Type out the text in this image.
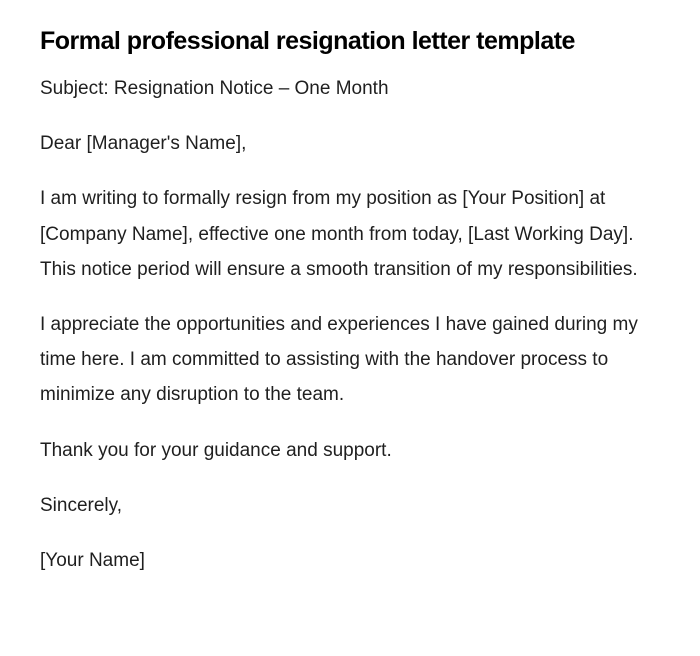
Formal professional resignation letter template

Subject: Resignation Notice – One Month

Dear [Manager's Name],

I am writing to formally resign from my position as [Your Position] at [Company Name], effective one month from today, [Last Working Day]. This notice period will ensure a smooth transition of my responsibilities.

I appreciate the opportunities and experiences I have gained during my time here. I am committed to assisting with the handover process to minimize any disruption to the team.

Thank you for your guidance and support.

Sincerely,

[Your Name]
